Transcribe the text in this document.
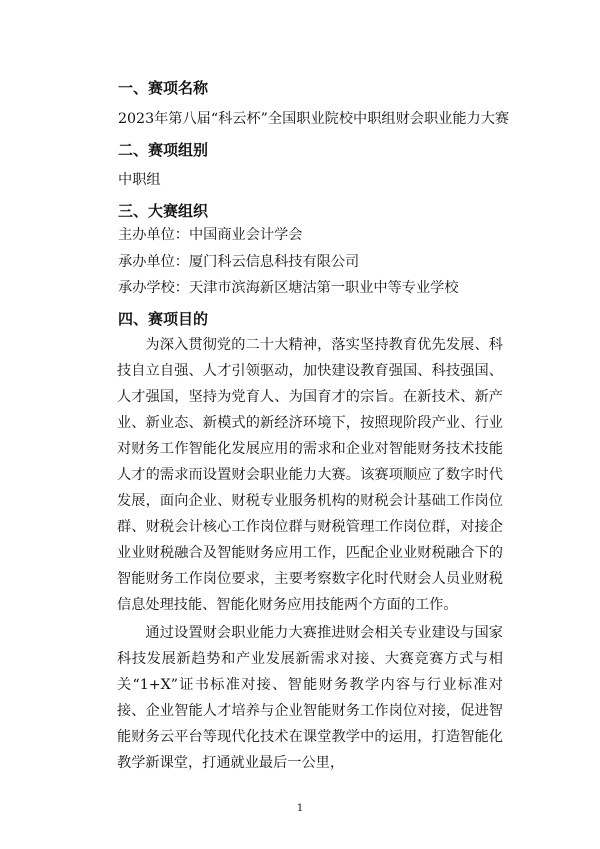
一、赛项名称
2023年第八届“科云杯”全国职业院校中职组财会职业能力大赛
二、赛项组别
中职组
三、大赛组织
主办单位：中国商业会计学会
承办单位：厦门科云信息科技有限公司
承办学校：天津市滨海新区塘沽第一职业中等专业学校
四、赛项目的
为深入贯彻党的二十大精神，落实坚持教育优先发展、科技自立自强、人才引领驱动，加快建设教育强国、科技强国、人才强国，坚持为党育人、为国育才的宗旨。在新技术、新产业、新业态、新模式的新经济环境下，按照现阶段产业、行业对财务工作智能化发展应用的需求和企业对智能财务技术技能人才的需求而设置财会职业能力大赛。该赛项顺应了数字时代发展，面向企业、财税专业服务机构的财税会计基础工作岗位群、财税会计核心工作岗位群与财税管理工作岗位群，对接企业业财税融合及智能财务应用工作，匹配企业业财税融合下的智能财务工作岗位要求，主要考察数字化时代财会人员业财税信息处理技能、智能化财务应用技能两个方面的工作。
通过设置财会职业能力大赛推进财会相关专业建设与国家科技发展新趋势和产业发展新需求对接、大赛竞赛方式与相关“1+X”证书标准对接、智能财务教学内容与行业标准对接、企业智能人才培养与企业智能财务工作岗位对接，促进智能财务云平台等现代化技术在课堂教学中的运用，打造智能化教学新课堂，打通就业最后一公里，
1
